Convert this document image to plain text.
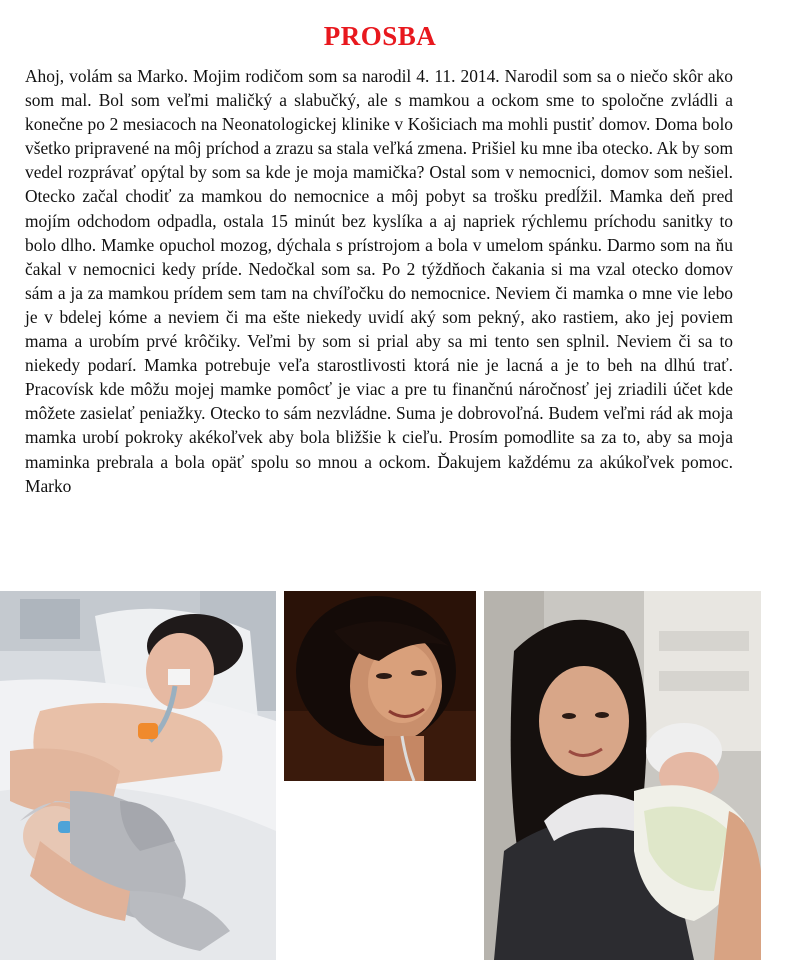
PROSBA

Ahoj, volám sa Marko. Mojim rodičom som sa narodil 4. 11. 2014. Narodil som sa o niečo skôr ako som mal. Bol som veľmi maličký a slabučký, ale s mamkou a ockom sme to spoločne zvládli a konečne po 2 mesiacoch na Neonatologickej klinike v Košiciach ma mohli pustiť domov. Doma bolo všetko pripravené na môj príchod a zrazu sa stala veľká zmena. Prišiel ku mne iba otecko. Ak by som vedel rozprávať opýtal by som sa kde je moja mamička? Ostal som v nemocnici, domov som nešiel. Otecko začal chodiť za mamkou do nemocnice a môj pobyt sa trošku predĺžil. Mamka deň pred mojím odchodom odpadla, ostala 15 minút bez kyslíka a aj napriek rýchlemu príchodu sanitky to bolo dlho. Mamke opuchol mozog, dýchala s prístrojom a bola v umelom spánku. Darmo som na ňu čakal v nemocnici kedy príde. Nedočkal som sa. Po 2 týždňoch čakania si ma vzal otecko domov sám a ja za mamkou prídem sem tam na chvíľočku do nemocnice. Neviem či mamka o mne vie lebo je v bdelej kóme a neviem či ma ešte niekedy uvidí aký som pekný, ako rastiem, ako jej poviem mama a urobím prvé krôčiky. Veľmi by som si prial aby sa mi tento sen splnil. Neviem či sa to niekedy podarí. Mamka potrebuje veľa starostlivosti ktorá nie je lacná a je to beh na dlhú trať. Pracovísk kde môžu mojej mamke pomôcť je viac a pre tu finančnú náročnosť jej zriadili účet kde môžete zasielať peniažky. Otecko to sám nezvládne. Suma je dobrovoľná. Budem veľmi rád ak moja mamka urobí pokroky akékoľvek aby bola bližšie k cieľu. Prosím pomodlite sa za to, aby sa moja maminka prebrala a bola opäť spolu so mnou a ockom. Ďakujem každému za akúkoľvek pomoc. Marko
